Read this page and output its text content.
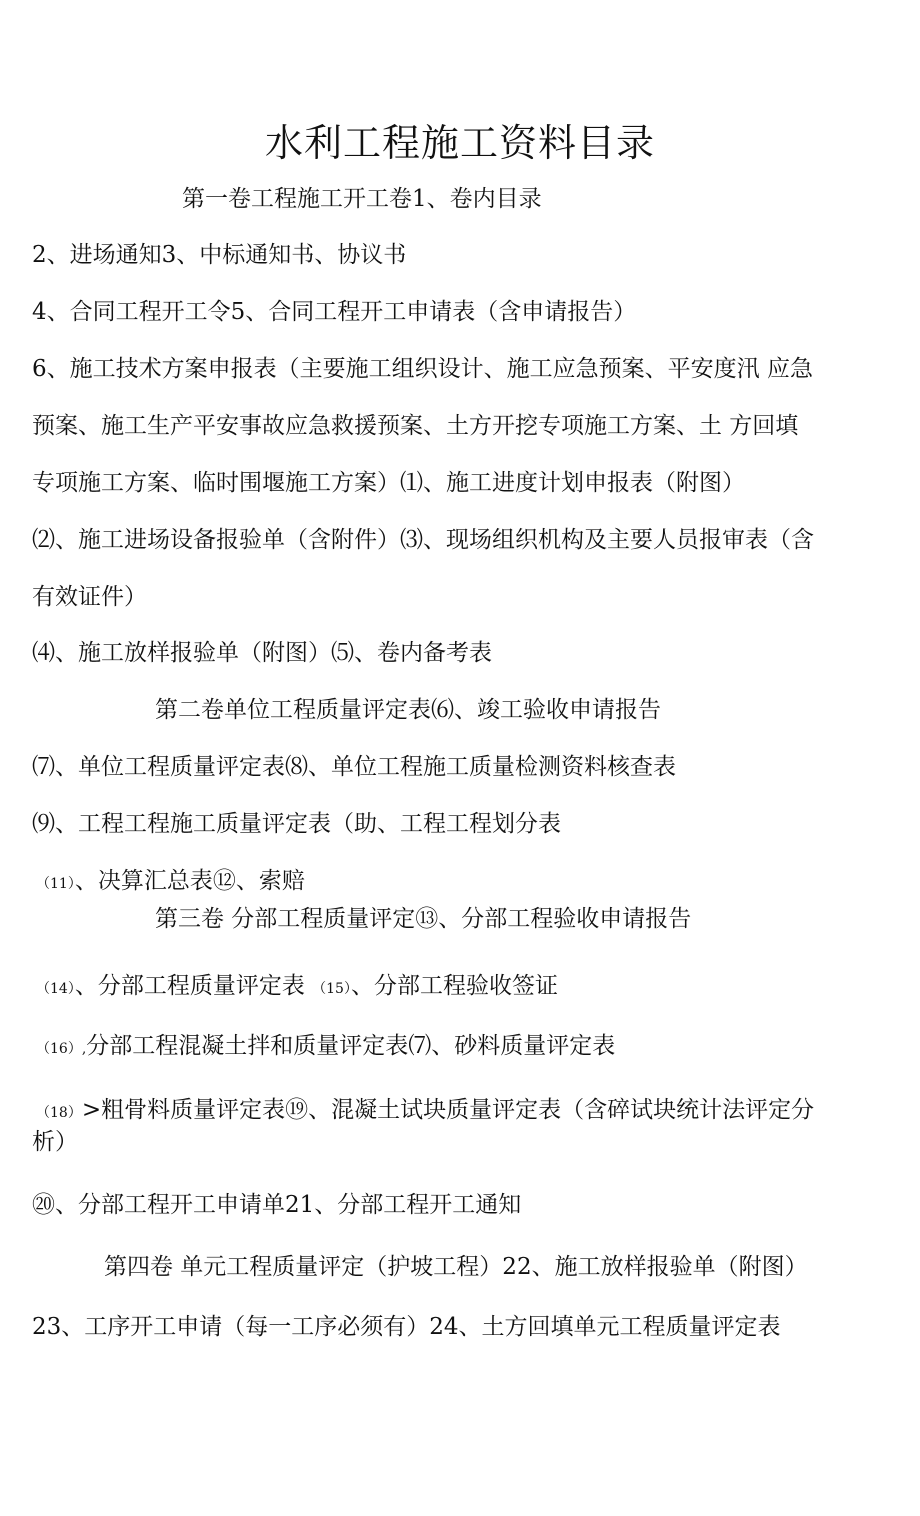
水利工程施工资料目录
第一卷工程施工开工卷1、卷内目录
2、进场通知3、中标通知书、协议书
4、合同工程开工令5、合同工程开工申请表（含申请报告）
6、施工技术方案申报表（主要施工组织设计、施工应急预案、平安度汛 应急
预案、施工生产平安事故应急救援预案、土方开挖专项施工方案、土 方回填
专项施工方案、临时围堰施工方案）⑴、施工进度计划申报表（附图）
⑵、施工进场设备报验单（含附件）⑶、现场组织机构及主要人员报审表（含
有效证件）
⑷、施工放样报验单（附图）⑸、卷内备考表
第二卷单位工程质量评定表⑹、竣工验收申请报告
⑺、单位工程质量评定表⑻、单位工程施工质量检测资料核查表
⑼、工程工程施工质量评定表（助、工程工程划分表
（11）、决算汇总表⑫、索赔
第三卷 分部工程质量评定⑬、分部工程验收申请报告
（14）、分部工程质量评定表 （15）、分部工程验收签证
（16）,分部工程混凝土拌和质量评定表⑺、砂料质量评定表
（18）>粗骨料质量评定表⑲、混凝土试块质量评定表（含碎试块统计法评定分
析）
⑳、分部工程开工申请单21、分部工程开工通知
第四卷 单元工程质量评定（护坡工程）22、施工放样报验单（附图）
23、工序开工申请（每一工序必须有）24、土方回填单元工程质量评定表
